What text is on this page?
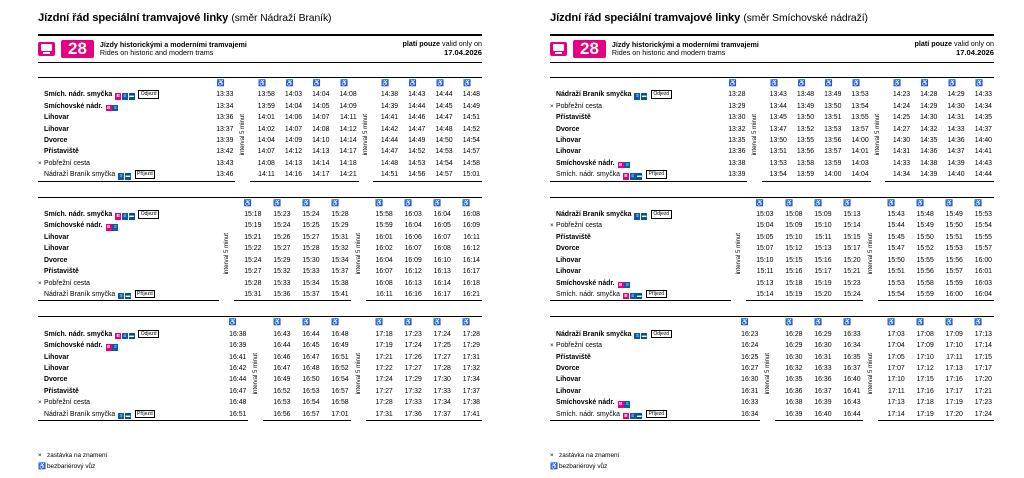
Jízdní řád speciální tramvajové linky (směr Nádraží Braník)
28	Jízdy historickými a moderními tramvajemi
Rides on historic and modern trams
platí pouze valid only on
17.04.2026
	♿		♿	♿	♿	♿		♿	♿	♿	♿
Smích. nádr. smyčka B ≡ ▬ Odjezd	13:33	interval 5 minut	13:58	14:03	14:04	14:08	interval 5 minut	14:38	14:43	14:44	14:48
Smíchovské nádr. B ≡	13:34		13:59	14:04	14:05	14:09		14:39	14:44	14:45	14:49
Lihovar	13:36		14:01	14:06	14:07	14:11		14:41	14:46	14:47	14:51
Lihovar	13:37		14:02	14:07	14:08	14:12		14:42	14:47	14:48	14:52
Dvorce	13:39		14:04	14:09	14:10	14:14		14:44	14:49	14:50	14:54
Přístaviště	13:42		14:07	14:12	14:13	14:17		14:47	14:52	14:53	14:57
× Pobřežní cesta	13:43		14:08	14:13	14:14	14:18		14:48	14:53	14:54	14:58
Nádraží Braník smyčka ≡ ▬ Příjezd	13:46		14:11	14:16	14:17	14:21		14:51	14:56	14:57	15:01
		♿	♿	♿	♿		♿	♿	♿	♿
Smích. nádr. smyčka B ≡ ▬ Odjezd	interval 5 minut	15:18	15:23	15:24	15:28	interval 5 minut	15:58	16:03	16:04	16:08
Smíchovské nádr. B ≡		15:19	15:24	15:25	15:29		15:59	16:04	16:05	16:09
Lihovar		15:21	15:26	15:27	15:31		16:01	16:06	16:07	16:11
Lihovar		15:22	15:27	15:28	15:32		16:02	16:07	16:08	16:12
Dvorce		15:24	15:29	15:30	15:34		16:04	16:09	16:10	16:14
Přístaviště		15:27	15:32	15:33	15:37		16:07	16:12	16:13	16:17
× Pobřežní cesta		15:28	15:33	15:34	15:38		16:08	16:13	16:14	16:18
Nádraží Braník smyčka ≡ ▬ Příjezd		15:31	15:36	15:37	15:41		16:11	16:16	16:17	16:21
	♿		♿	♿	♿		♿	♿	♿	♿
Smích. nádr. smyčka B ≡ ▬ Odjezd	16:38	interval 5 minut	16:43	16:44	16:48	interval 5 minut	17:18	17:23	17:24	17:28
Smíchovské nádr. B ≡	16:39		16:44	16:45	16:49		17:19	17:24	17:25	17:29
Lihovar	16:41		16:46	16:47	16:51		17:21	17:26	17:27	17:31
Lihovar	16:42		16:47	16:48	16:52		17:22	17:27	17:28	17:32
Dvorce	16:44		16:49	16:50	16:54		17:24	17:29	17:30	17:34
Přístaviště	16:47		16:52	16:53	16:57		17:27	17:32	17:33	17:37
× Pobřežní cesta	16:48		16:53	16:54	16:58		17:28	17:33	17:34	17:38
Nádraží Braník smyčka ≡ ▬ Příjezd	16:51		16:56	16:57	17:01		17:31	17:36	17:37	17:41
× zastávka na znamení
♿bezbariérový vůz
Jízdní řád speciální tramvajové linky (směr Smíchovské nádraží)
28	Jízdy historickými a moderními tramvajemi
Rides on historic and modern trams
platí pouze valid only on
17.04.2026
	♿		♿	♿	♿	♿		♿	♿	♿	♿
Nádraží Braník smyčka ≡ ▬ Odjezd	13:28	interval 5 minut	13:43	13:48	13:49	13:53	interval 5 minut	14:23	14:28	14:29	14:33
× Pobřežní cesta	13:29		13:44	13:49	13:50	13:54		14:24	14:29	14:30	14:34
Přístaviště	13:30		13:45	13:50	13:51	13:55		14:25	14:30	14:31	14:35
Dvorce	13:32		13:47	13:52	13:53	13:57		14:27	14:32	14:33	14:37
Lihovar	13:35		13:50	13:55	13:56	14:00		14:30	14:35	14:36	14:40
Lihovar	13:36		13:51	13:56	13:57	14:01		14:31	14:36	14:37	14:41
Smíchovské nádr. B ≡	13:38		13:53	13:58	13:59	14:03		14:33	14:38	14:39	14:43
Smích. nádr. smyčka B ≡ ▬ Příjezd	13:39		13:54	13:59	14:00	14:04		14:34	14:39	14:40	14:44
		♿	♿	♿	♿		♿	♿	♿	♿
Nádraží Braník smyčka ≡ ▬ Odjezd	interval 5 minut	15:03	15:08	15:09	15:13	interval 5 minut	15:43	15:48	15:49	15:53
× Pobřežní cesta		15:04	15:09	15:10	15:14		15:44	15:49	15:50	15:54
Přístaviště		15:05	15:10	15:11	15:15		15:45	15:50	15:51	15:55
Dvorce		15:07	15:12	15:13	15:17		15:47	15:52	15:53	15:57
Lihovar		15:10	15:15	15:16	15:20		15:50	15:55	15:56	16:00
Lihovar		15:11	15:16	15:17	15:21		15:51	15:56	15:57	16:01
Smíchovské nádr. B ≡		15:13	15:18	15:19	15:23		15:53	15:58	15:59	16:03
Smích. nádr. smyčka B ≡ ▬ Příjezd		15:14	15:19	15:20	15:24		15:54	15:59	16:00	16:04
	♿		♿	♿	♿		♿	♿	♿	♿
Nádraží Braník smyčka ≡ ▬ Odjezd	16:23	interval 5 minut	16:28	16:29	16:33	interval 5 minut	17:03	17:08	17:09	17:13
× Pobřežní cesta	16:24		16:29	16:30	16:34		17:04	17:09	17:10	17:14
Přístaviště	16:25		16:30	16:31	16:35		17:05	17:10	17:11	17:15
Dvorce	16:27		16:32	16:33	16:37		17:07	17:12	17:13	17:17
Lihovar	16:30		16:35	16:36	16:40		17:10	17:15	17:16	17:20
Lihovar	16:31		16:36	16:37	16:41		17:11	17:16	17:17	17:21
Smíchovské nádr. B ≡	16:33		16:38	16:39	16:43		17:13	17:18	17:19	17:23
Smích. nádr. smyčka B ≡ ▬ Příjezd	16:34		16:39	16:40	16:44		17:14	17:19	17:20	17:24
× zastávka na znamení
♿bezbariérový vůz
